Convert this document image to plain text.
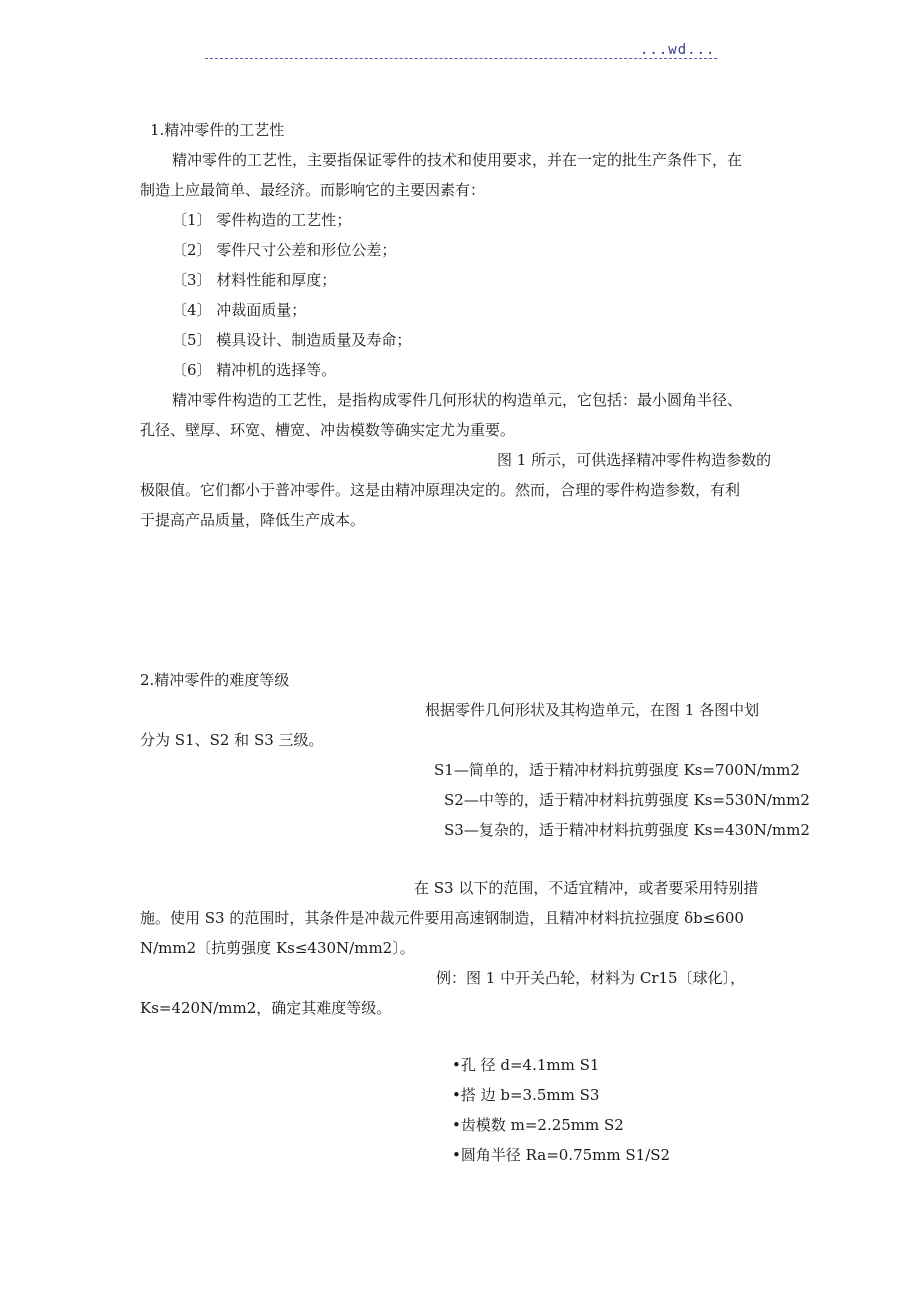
...wd...
1.精冲零件的工艺性
精冲零件的工艺性，主要指保证零件的技术和使用要求，并在一定的批生产条件下，在
制造上应最简单、最经济。而影响它的主要因素有：
〔1〕 零件构造的工艺性；
〔2〕 零件尺寸公差和形位公差；
〔3〕 材料性能和厚度；
〔4〕 冲裁面质量；
〔5〕 模具设计、制造质量及寿命；
〔6〕 精冲机的选择等。
精冲零件构造的工艺性，是指构成零件几何形状的构造单元，它包括：最小圆角半径、
孔径、壁厚、环宽、槽宽、冲齿模数等确实定尤为重要。
图 1 所示，可供选择精冲零件构造参数的
极限值。它们都小于普冲零件。这是由精冲原理决定的。然而，合理的零件构造参数，有利
于提高产品质量，降低生产成本。
2.精冲零件的难度等级
根据零件几何形状及其构造单元，在图 1 各图中划
分为 S1、S2 和 S3 三级。
S1—简单的，适于精冲材料抗剪强度 Ks=700N/mm2
S2—中等的，适于精冲材料抗剪强度 Ks=530N/mm2
S3—复杂的，适于精冲材料抗剪强度 Ks=430N/mm2
在 S3 以下的范围，不适宜精冲，或者要采用特别措
施。使用 S3 的范围时，其条件是冲裁元件要用高速钢制造，且精冲材料抗拉强度 δb≤600
N/mm2〔抗剪强度 Ks≤430N/mm2〕。
例：图 1 中开关凸轮，材料为 Cr15〔球化〕，
Ks=420N/mm2，确定其难度等级。
•孔 径 d=4.1mm S1
•搭 边 b=3.5mm S3
•齿模数 m=2.25mm S2
•圆角半径 Ra=0.75mm S1/S2
